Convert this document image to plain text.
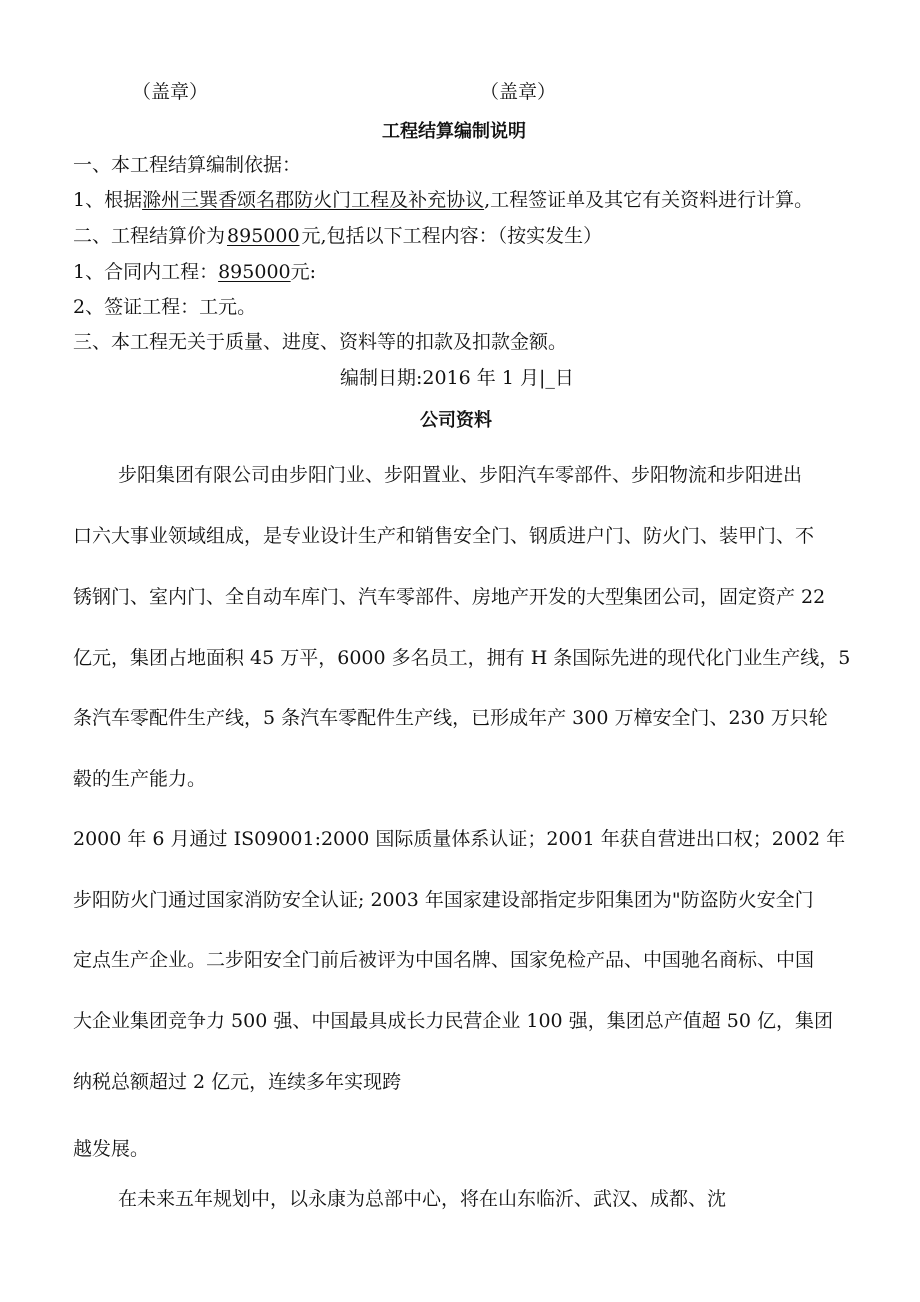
（盖章）	（盖章）
工程结算编制说明
一、本工程结算编制依据：
1、根据滁州三巽香颂名郡防火门工程及补充协议,工程签证单及其它有关资料进行计算。
二、工程结算价为 895000 元,包括以下工程内容：（按实发生）
1、合同内工程：895000元:
2、签证工程：工元。
三、本工程无关于质量、进度、资料等的扣款及扣款金额。
编制日期:2016 年 1 月|_日
公司资料
步阳集团有限公司由步阳门业、步阳置业、步阳汽车零部件、步阳物流和步阳进出
口六大事业领域组成，是专业设计生产和销售安全门、钢质进户门、防火门、装甲门、不
锈钢门、室内门、全自动车库门、汽车零部件、房地产开发的大型集团公司，固定资产 22
亿元，集团占地面积 45 万平，6000 多名员工，拥有 H 条国际先进的现代化门业生产线，5
条汽车零配件生产线，5 条汽车零配件生产线，已形成年产 300 万樟安全门、230 万只轮
毂的生产能力。
2000 年 6 月通过 IS09001:2000 国际质量体系认证；2001 年获自营进出口权；2002 年
步阳防火门通过国家消防安全认证; 2003 年国家建设部指定步阳集团为"防盗防火安全门
定点生产企业。二步阳安全门前后被评为中国名牌、国家免检产品、中国驰名商标、中国
大企业集团竞争力 500 强、中国最具成长力民营企业 100 强，集团总产值超 50 亿，集团
纳税总额超过 2 亿元，连续多年实现跨
越发展。
在未来五年规划中，以永康为总部中心，将在山东临沂、武汉、成都、沈
